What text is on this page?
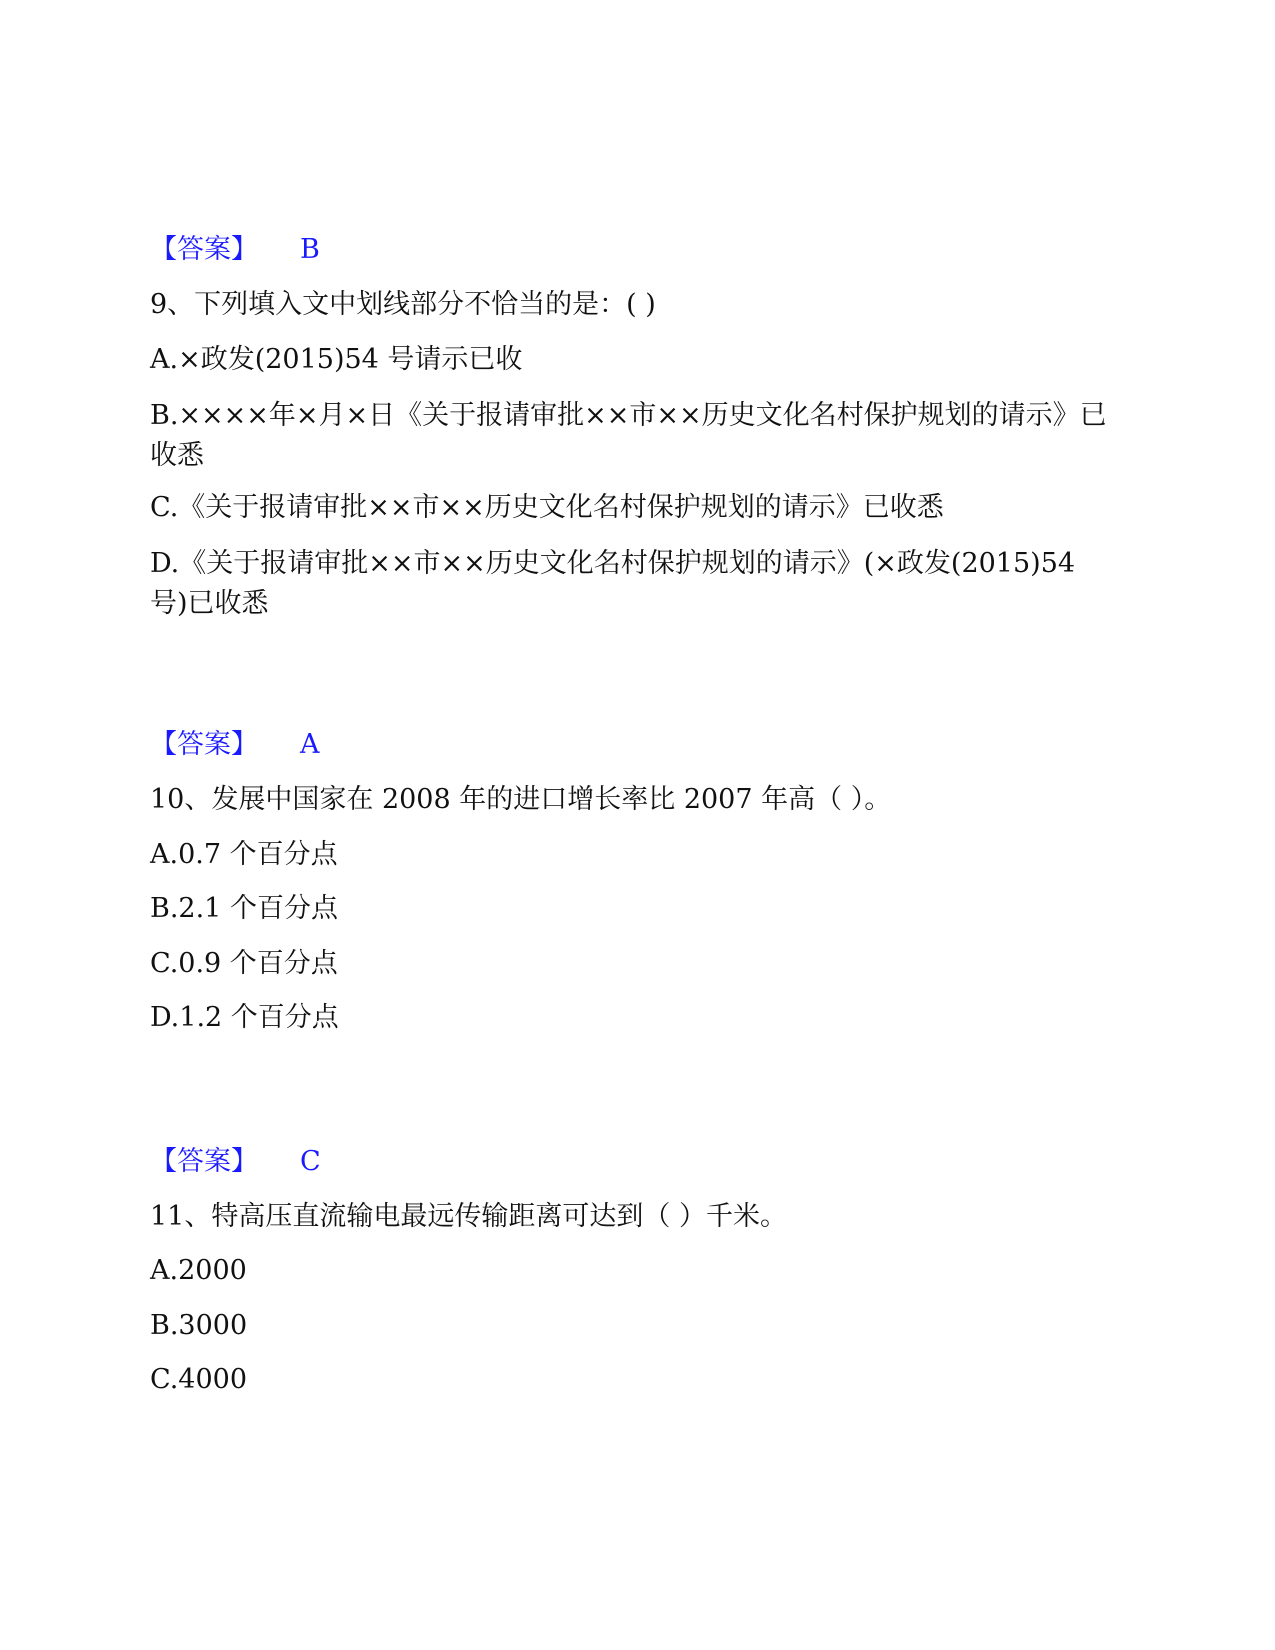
【答案】 B
9、下列填入文中划线部分不恰当的是：( )
A.×政发(2015)54 号请示已收
B.××××年×月×日《关于报请审批××市××历史文化名村保护规划的请示》已收悉
C.《关于报请审批××市××历史文化名村保护规划的请示》已收悉
D.《关于报请审批××市××历史文化名村保护规划的请示》(×政发(2015)54 号)已收悉
【答案】 A
10、发展中国家在 2008 年的进口增长率比 2007 年高（ ）。
A.0.7 个百分点
B.2.1 个百分点
C.0.9 个百分点
D.1.2 个百分点
【答案】 C
11、特高压直流输电最远传输距离可达到（ ）千米。
A.2000
B.3000
C.4000
